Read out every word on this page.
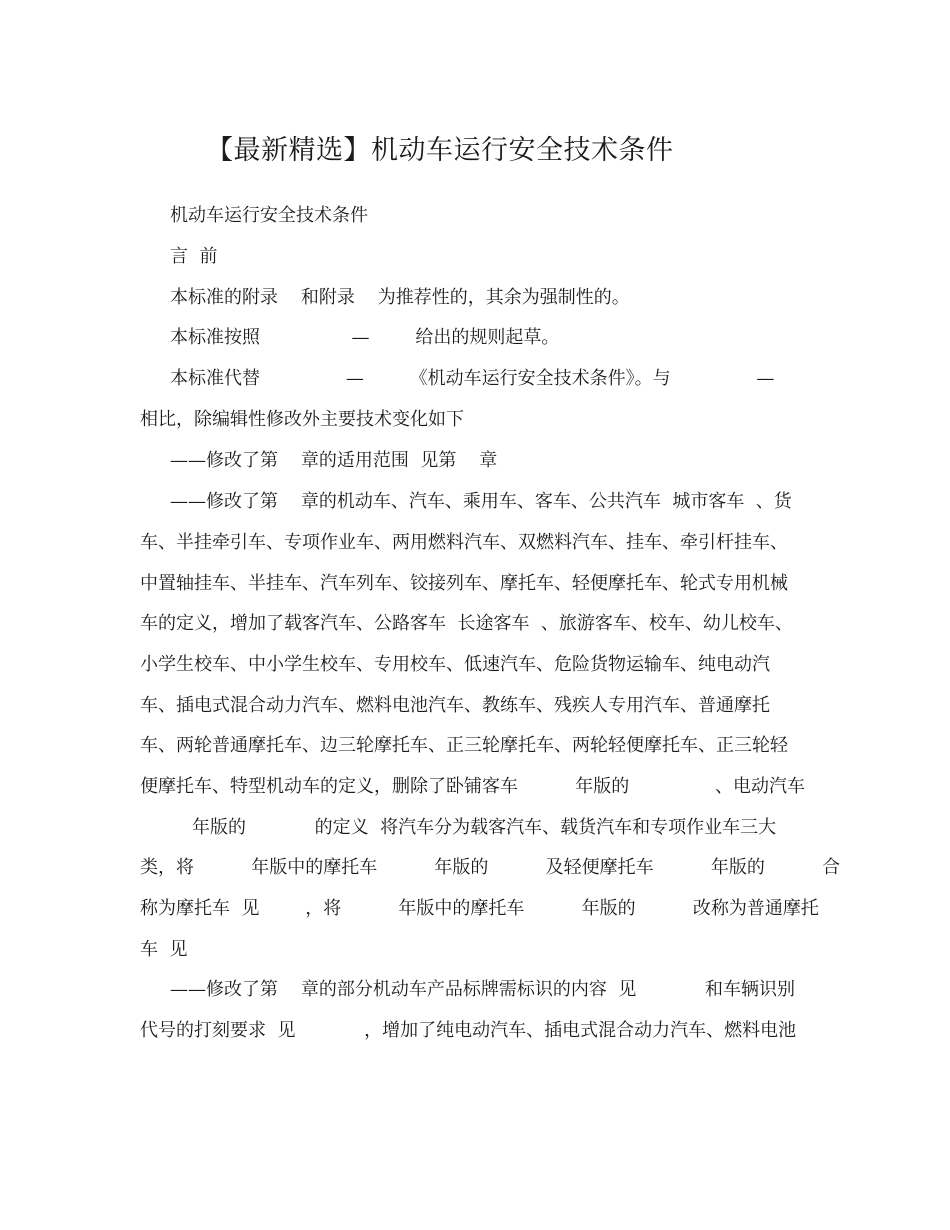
【最新精选】机动车运行安全技术条件
机动车运行安全技术条件
言  前
本标准的附录    和附录    为推荐性的，其余为强制性的。
本标准按照                —        给出的规则起草。
本标准代替               —        《机动车运行安全技术条件》。与               —
相比，除编辑性修改外主要技术变化如下
——修改了第    章的适用范围  见第    章
——修改了第    章的机动车、汽车、乘用车、客车、公共汽车  城市客车  、货
车、半挂牵引车、专项作业车、两用燃料汽车、双燃料汽车、挂车、牵引杆挂车、
中置轴挂车、半挂车、汽车列车、铰接列车、摩托车、轻便摩托车、轮式专用机械
车的定义，增加了载客汽车、公路客车  长途客车  、旅游客车、校车、幼儿校车、
小学生校车、中小学生校车、专用校车、低速汽车、危险货物运输车、纯电动汽
车、插电式混合动力汽车、燃料电池汽车、教练车、残疾人专用汽车、普通摩托
车、两轮普通摩托车、边三轮摩托车、正三轮摩托车、两轮轻便摩托车、正三轮轻
便摩托车、特型机动车的定义，删除了卧铺客车          年版的               、电动汽车
年版的            的定义  将汽车分为载客汽车、载货汽车和专项作业车三大
类，将          年版中的摩托车          年版的          及轻便摩托车          年版的          合
称为摩托车  见        ，将          年版中的摩托车          年版的          改称为普通摩托
车  见
——修改了第    章的部分机动车产品标牌需标识的内容  见            和车辆识别
代号的打刻要求  见            ，增加了纯电动汽车、插电式混合动力汽车、燃料电池
